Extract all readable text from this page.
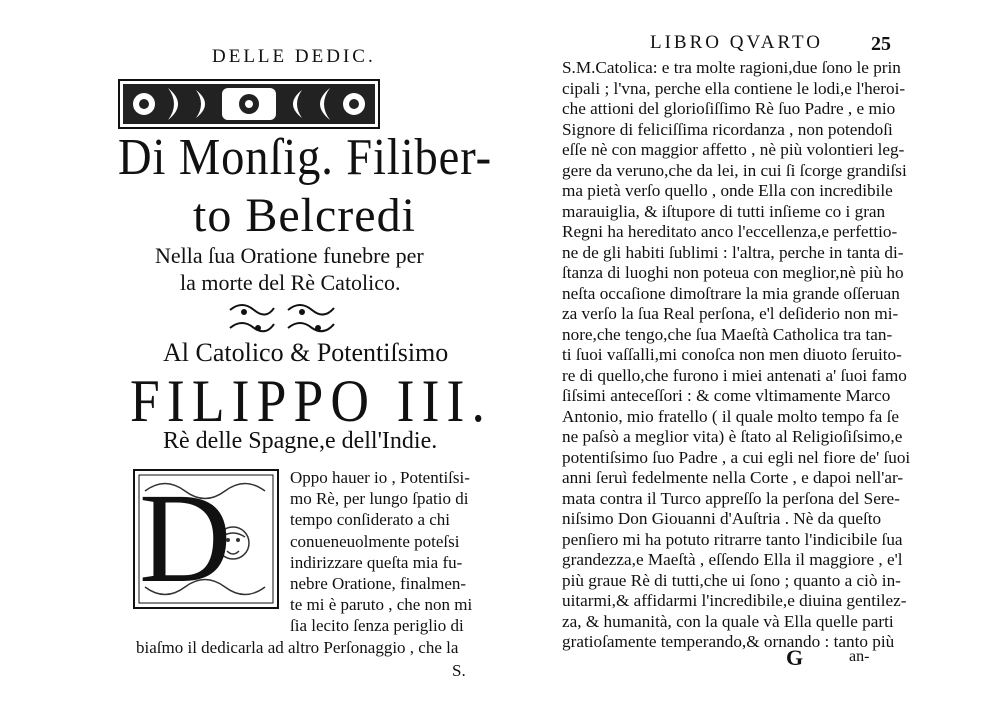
DELLE DEDIC.
Di Monſig. Filiber-
to Belcredi
Nella ſua Oratione funebre per
la morte del Rè Catolico.
Al Catolico & Potentiſsimo
FILIPPO III.
Rè delle Spagne,e dell'Indie.
D	Oppo hauer io , Potentiſsi-
mo Rè, per lungo ſpatio di
tempo conſiderato a chi
conueneuolmente poteſsi
indirizzare queſta mia fu-
nebre Oratione, finalmen-
te mi è paruto , che non mi
ſia lecito ſenza periglio di
biaſmo il dedicarla ad altro Perſonaggio , che la
S.
LIBRO QVARTO 25
S.M.Catolica: e tra molte ragioni,due ſono le prin
cipali ; l'vna, perche ella contiene le lodi,e l'heroi-
che attioni del glorioſiſſimo Rè ſuo Padre , e mio
Signore di feliciſſima ricordanza , non potendoſi
eſſe nè con maggior affetto , nè più volontieri leg-
gere da veruno,che da lei, in cui ſi ſcorge grandiſsi
ma pietà verſo quello , onde Ella con incredibile
marauiglia, & iſtupore di tutti inſieme co i gran
Regni ha hereditato anco l'eccellenza,e perfettio-
ne de gli habiti ſublimi : l'altra, perche in tanta di-
ſtanza di luoghi non poteua con meglior,nè più ho
neſta occaſione dimoſtrare la mia grande oſſeruan
za verſo la ſua Real perſona, e'l deſiderio non mi-
nore,che tengo,che ſua Maeſtà Catholica tra tan-
ti ſuoi vaſſalli,mi conoſca non men diuoto ſeruito-
re di quello,che furono i miei antenati a' ſuoi famo
ſiſsimi anteceſſori : & come vltimamente Marco
Antonio, mio fratello ( il quale molto tempo fa ſe
ne paſsò a meglior vita) è ſtato al Religioſiſsimo,e
potentiſsimo ſuo Padre , a cui egli nel fiore de' ſuoi
anni ſeruì fedelmente nella Corte , e dapoi nell'ar-
mata contra il Turco appreſſo la perſona del Sere-
niſsimo Don Giouanni d'Auſtria . Nè da queſto
penſiero mi ha potuto ritrarre tanto l'indicibile ſua
grandezza,e Maeſtà , eſſendo Ella il maggiore , e'l
più graue Rè di tutti,che ui ſono ; quanto a ciò in-
uitarmi,& affidarmi l'incredibile,e diuina gentilez-
za, & humanità, con la quale và Ella quelle parti
gratioſamente temperando,& ornando : tanto più
G	an-
